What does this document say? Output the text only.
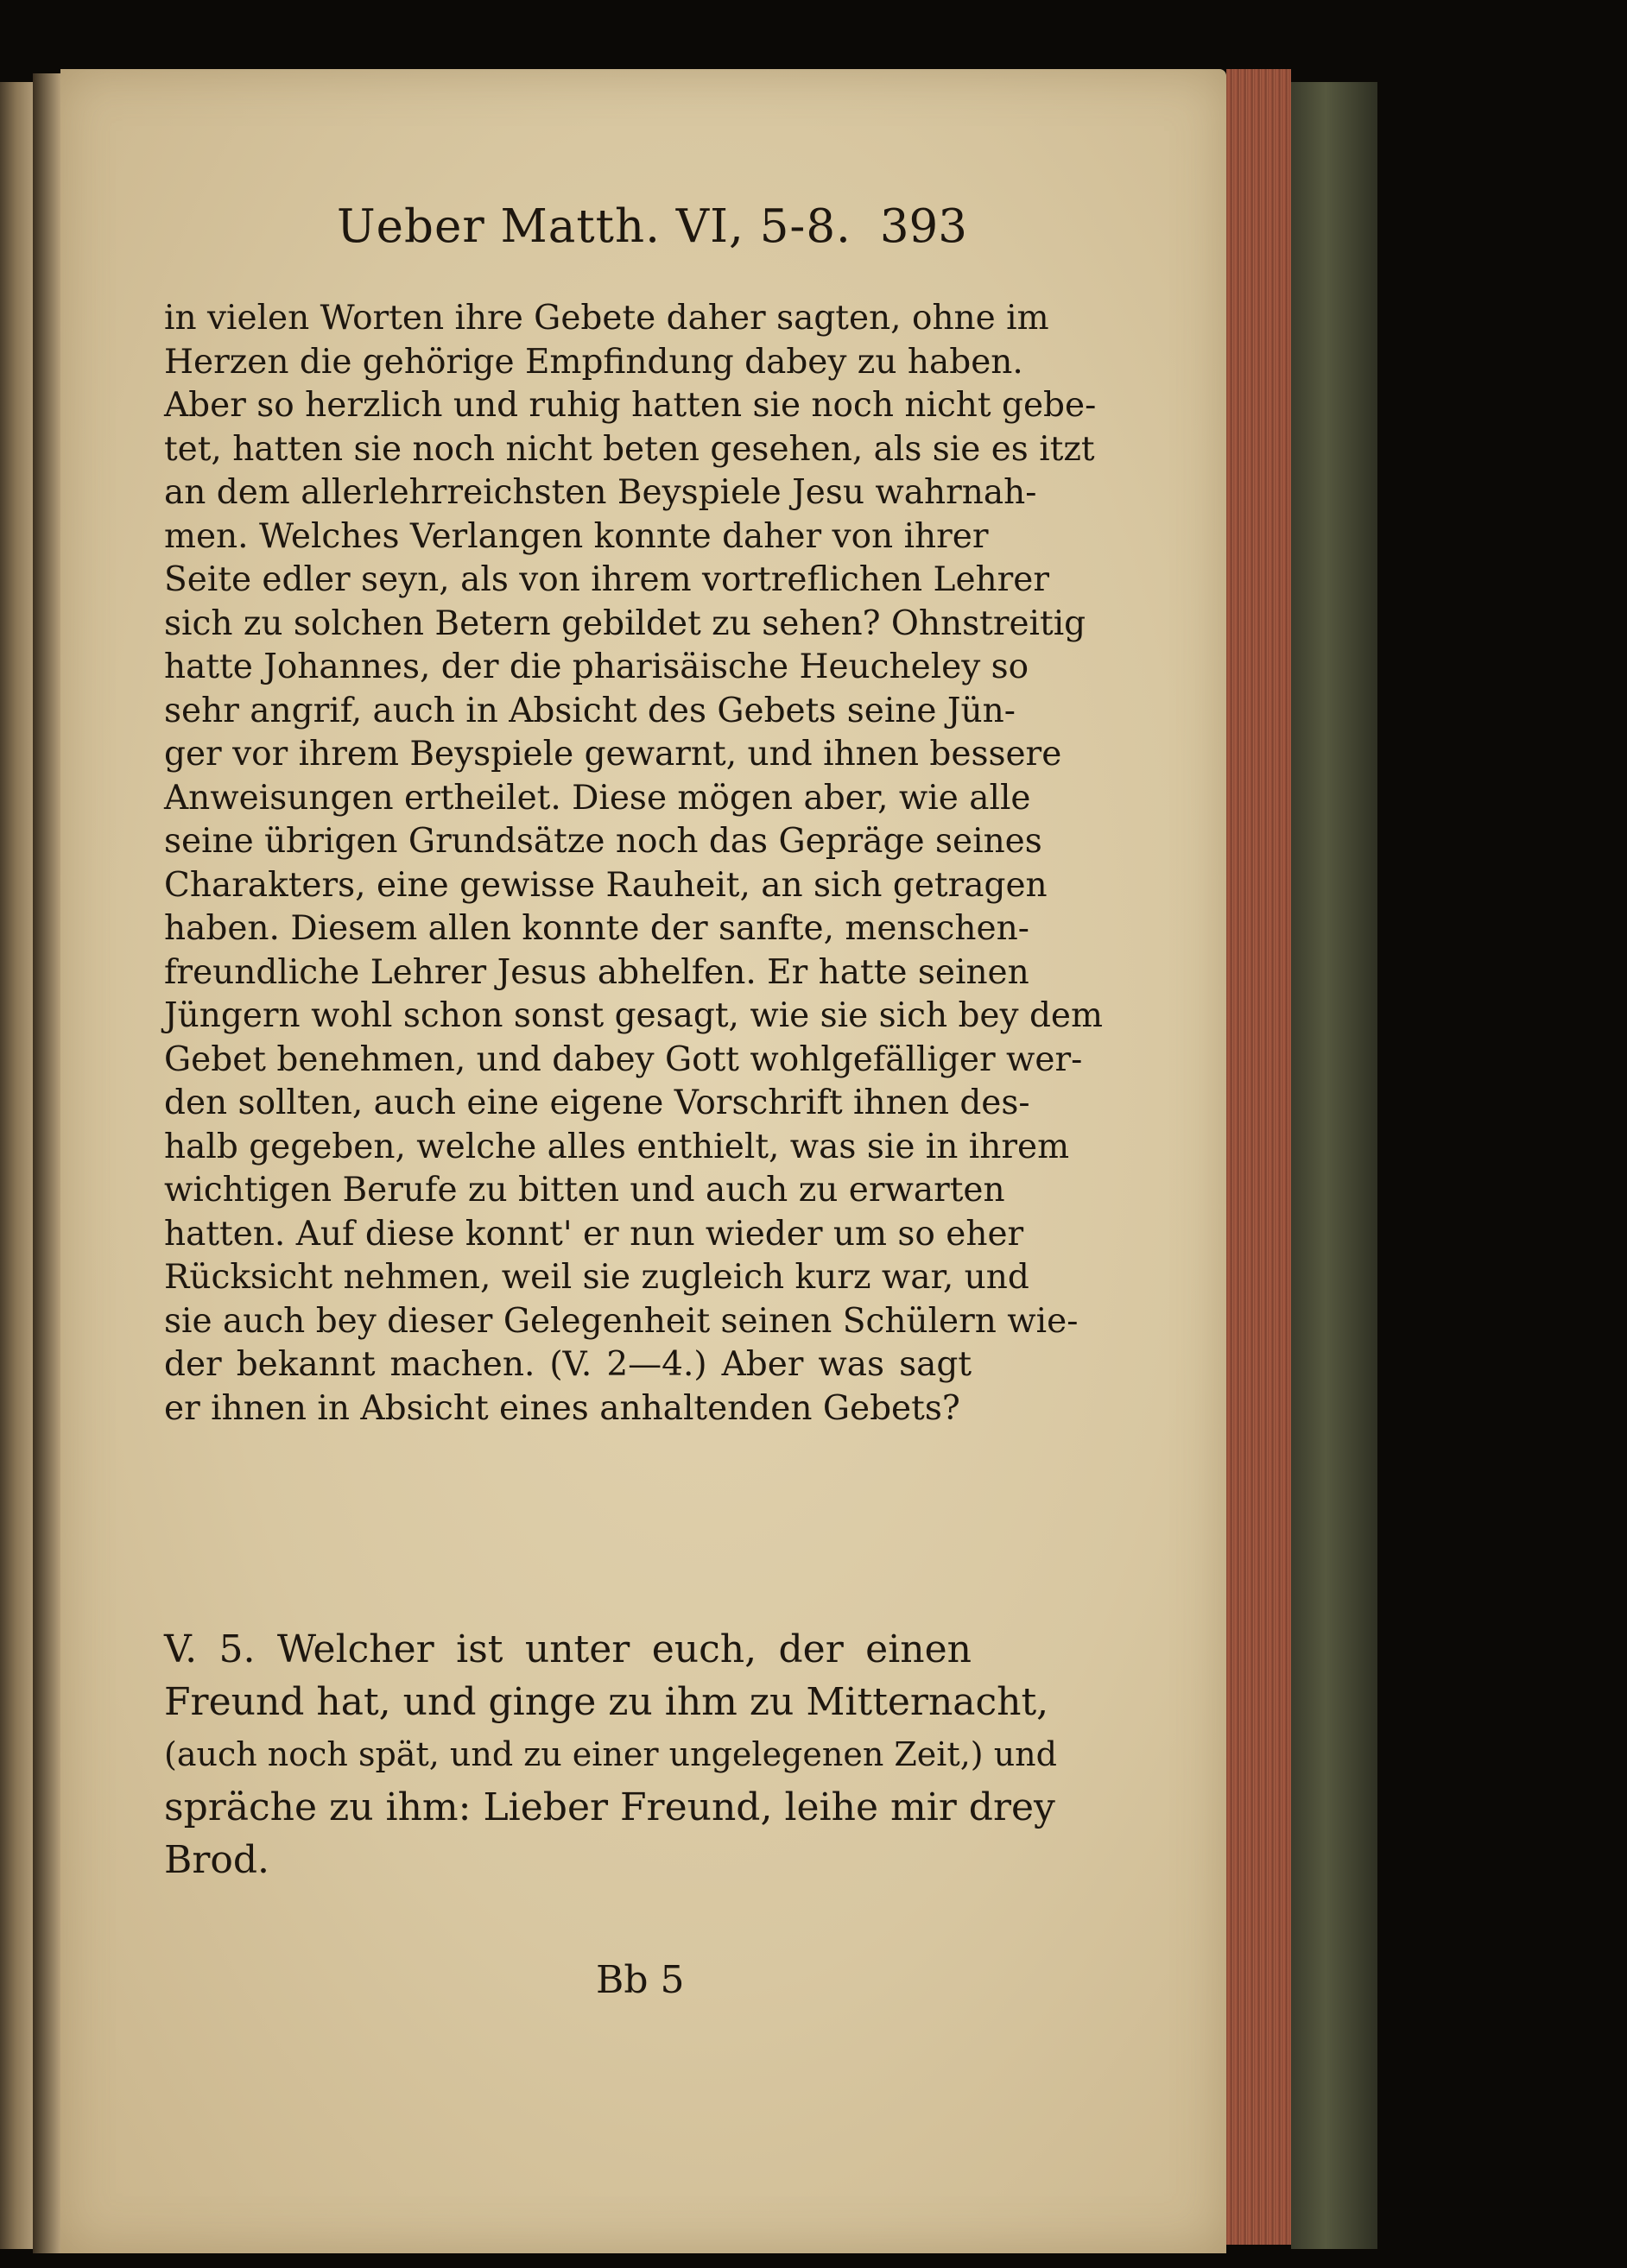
Ueber Matth. VI, 5-8. 393
in vielen Worten ihre Gebete daher sagten, ohne im
Herzen die gehörige Empfindung dabey zu haben.
Aber so herzlich und ruhig hatten sie noch nicht gebe-
tet, hatten sie noch nicht beten gesehen, als sie es itzt
an dem allerlehrreichsten Beyspiele Jesu wahrnah-
men. Welches Verlangen konnte daher von ihrer
Seite edler seyn, als von ihrem vortreflichen Lehrer
sich zu solchen Betern gebildet zu sehen? Ohnstreitig
hatte Johannes, der die pharisäische Heucheley so
sehr angrif, auch in Absicht des Gebets seine Jün-
ger vor ihrem Beyspiele gewarnt, und ihnen bessere
Anweisungen ertheilet. Diese mögen aber, wie alle
seine übrigen Grundsätze noch das Gepräge seines
Charakters, eine gewisse Rauheit, an sich getragen
haben. Diesem allen konnte der sanfte, menschen-
freundliche Lehrer Jesus abhelfen. Er hatte seinen
Jüngern wohl schon sonst gesagt, wie sie sich bey dem
Gebet benehmen, und dabey Gott wohlgefälliger wer-
den sollten, auch eine eigene Vorschrift ihnen des-
halb gegeben, welche alles enthielt, was sie in ihrem
wichtigen Berufe zu bitten und auch zu erwarten
hatten. Auf diese konnt' er nun wieder um so eher
Rücksicht nehmen, weil sie zugleich kurz war, und
sie auch bey dieser Gelegenheit seinen Schülern wie-
der bekannt machen. (V. 2—4.) Aber was sagt
er ihnen in Absicht eines anhaltenden Gebets?
V. 5. Welcher ist unter euch, der einen
Freund hat, und ginge zu ihm zu Mitternacht,
(auch noch spät, und zu einer ungelegenen Zeit,) und
spräche zu ihm: Lieber Freund, leihe mir drey
Brod.
Bb 5
